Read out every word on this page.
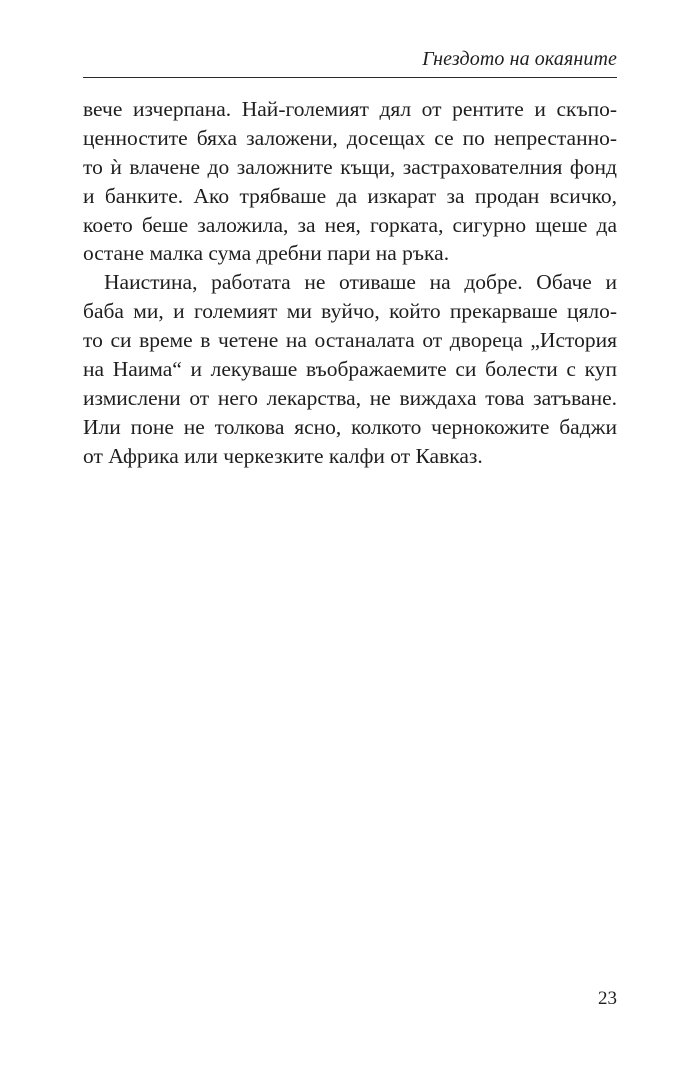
Гнездото на окаяните
вече изчерпана. Най-големият дял от рентите и скъпо-
ценностите бяха заложени, досещах се по непрестанно-
то ѝ влачене до заложните къщи, застрахователния фонд
и банките. Ако трябваше да изкарат за продан всичко,
което беше заложила, за нея, горката, сигурно щеше да
остане малка сума дребни пари на ръка.
Наистина, работата не отиваше на добре. Обаче и
баба ми, и големият ми вуйчо, който прекарваше цяло-
то си време в четене на останалата от двореца „История
на Наима“ и лекуваше въображаемите си болести с куп
измислени от него лекарства, не виждаха това затъване.
Или поне не толкова ясно, колкото чернокожите баджи
от Африка или черкезките калфи от Кавказ.
23
